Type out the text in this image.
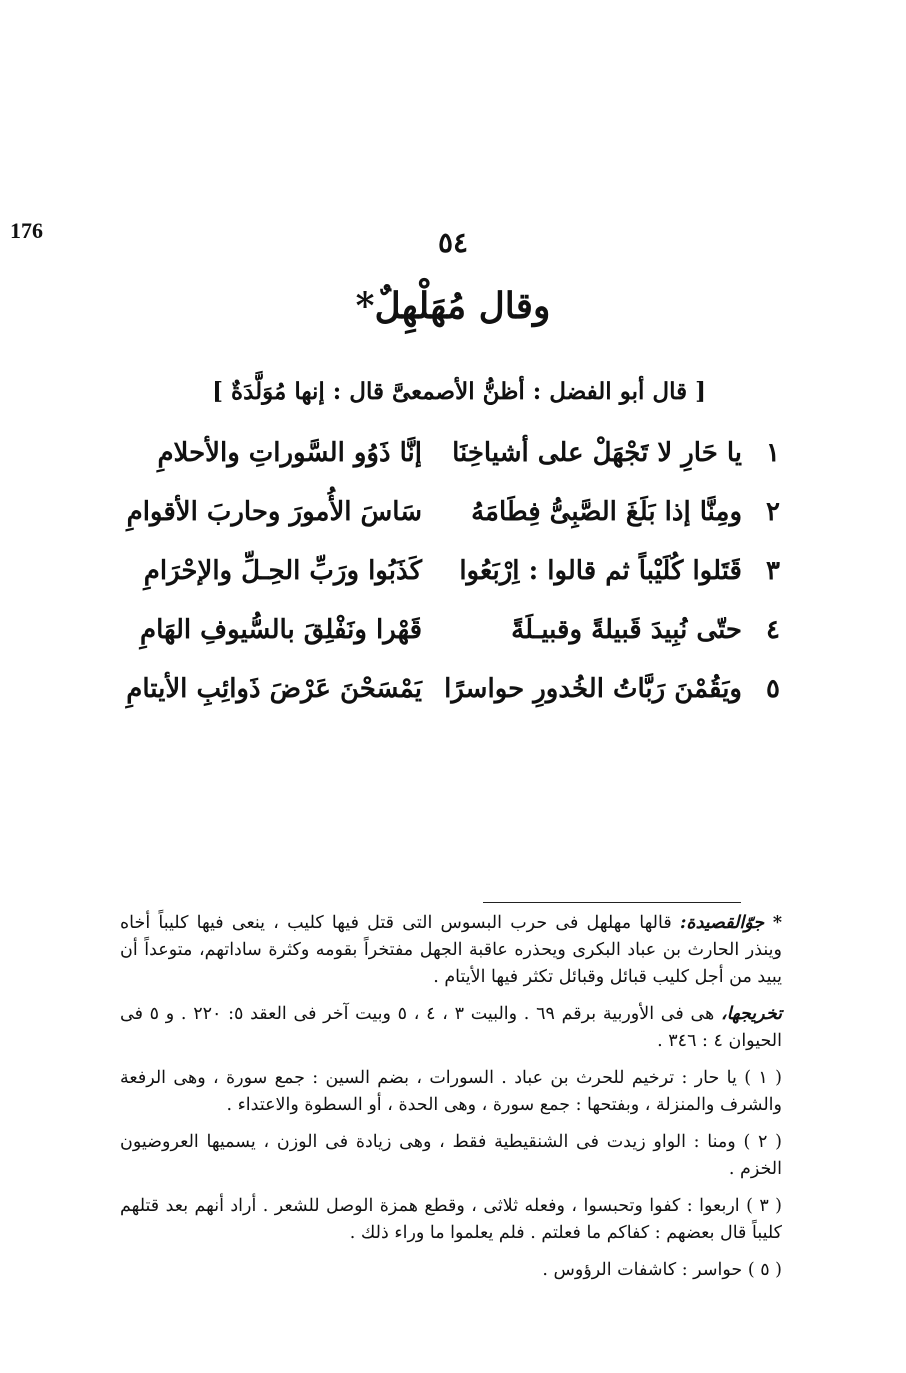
176	٥٤
وقال مُهَلْهِلٌ*
[ قال أبو الفضل : أظنُّ الأصمعىَّ قال : إنها مُوَلَّدَةٌ ]
١
يا حَارِ لا تَجْهَلْ على أشياخِنَا
إنَّا ذَوُو السَّوراتِ والأحلامِ
٢
ومِنَّا إذا بَلَغَ الصَّبِىُّ فِطَامَهُ
سَاسَ الأُمورَ وحاربَ الأقوامِ
٣
قَتَلوا كُلَيْباً ثم قالوا : اِرْبَعُوا
كَذَبُوا ورَبِّ الحِـلِّ والإحْرَامِ
٤
حتّى نُبِيدَ قَبيلةً وقبيـلَةً
قَهْرا ونَفْلِقَ بالسُّيوفِ الهَامِ
٥
ويَقُمْنَ رَبَّاتُ الخُدورِ حواسرًا
يَمْسَحْنَ عَرْضَ ذَوائِبِ الأيتامِ

* جوّالقصيدة: قالها مهلهل فى حرب البسوس التى قتل فيها كليب ، ينعى فيها كليباً أخاه وينذر الحارث بن عباد البكرى ويحذره عاقبة الجهل مفتخراً بقومه وكثرة ساداتهم، متوعداً أن يبيد من أجل كليب قبائل وقبائل تكثر فيها الأيتام .

تخريجها، هى فى الأوربية برقم ٦٩ . والبيت ٣ ، ٤ ، ٥ وبيت آخر فى العقد ٥: ٢٢٠ . و ٥ فى الحيوان ٤ : ٣٤٦ .

( ١ ) يا حار : ترخيم للحرث بن عباد . السورات ، بضم السين : جمع سورة ، وهى الرفعة والشرف والمنزلة ، وبفتحها : جمع سورة ، وهى الحدة ، أو السطوة والاعتداء .

( ٢ ) ومنا : الواو زيدت فى الشنقيطية فقط ، وهى زيادة فى الوزن ، يسميها العروضيون الخزم .

( ٣ ) اربعوا : كفوا وتحبسوا ، وفعله ثلاثى ، وقطع همزة الوصل للشعر . أراد أنهم بعد قتلهم كليباً قال بعضهم : كفاكم ما فعلتم . فلم يعلموا ما وراء ذلك .

( ٥ ) حواسر : كاشفات الرؤوس .
